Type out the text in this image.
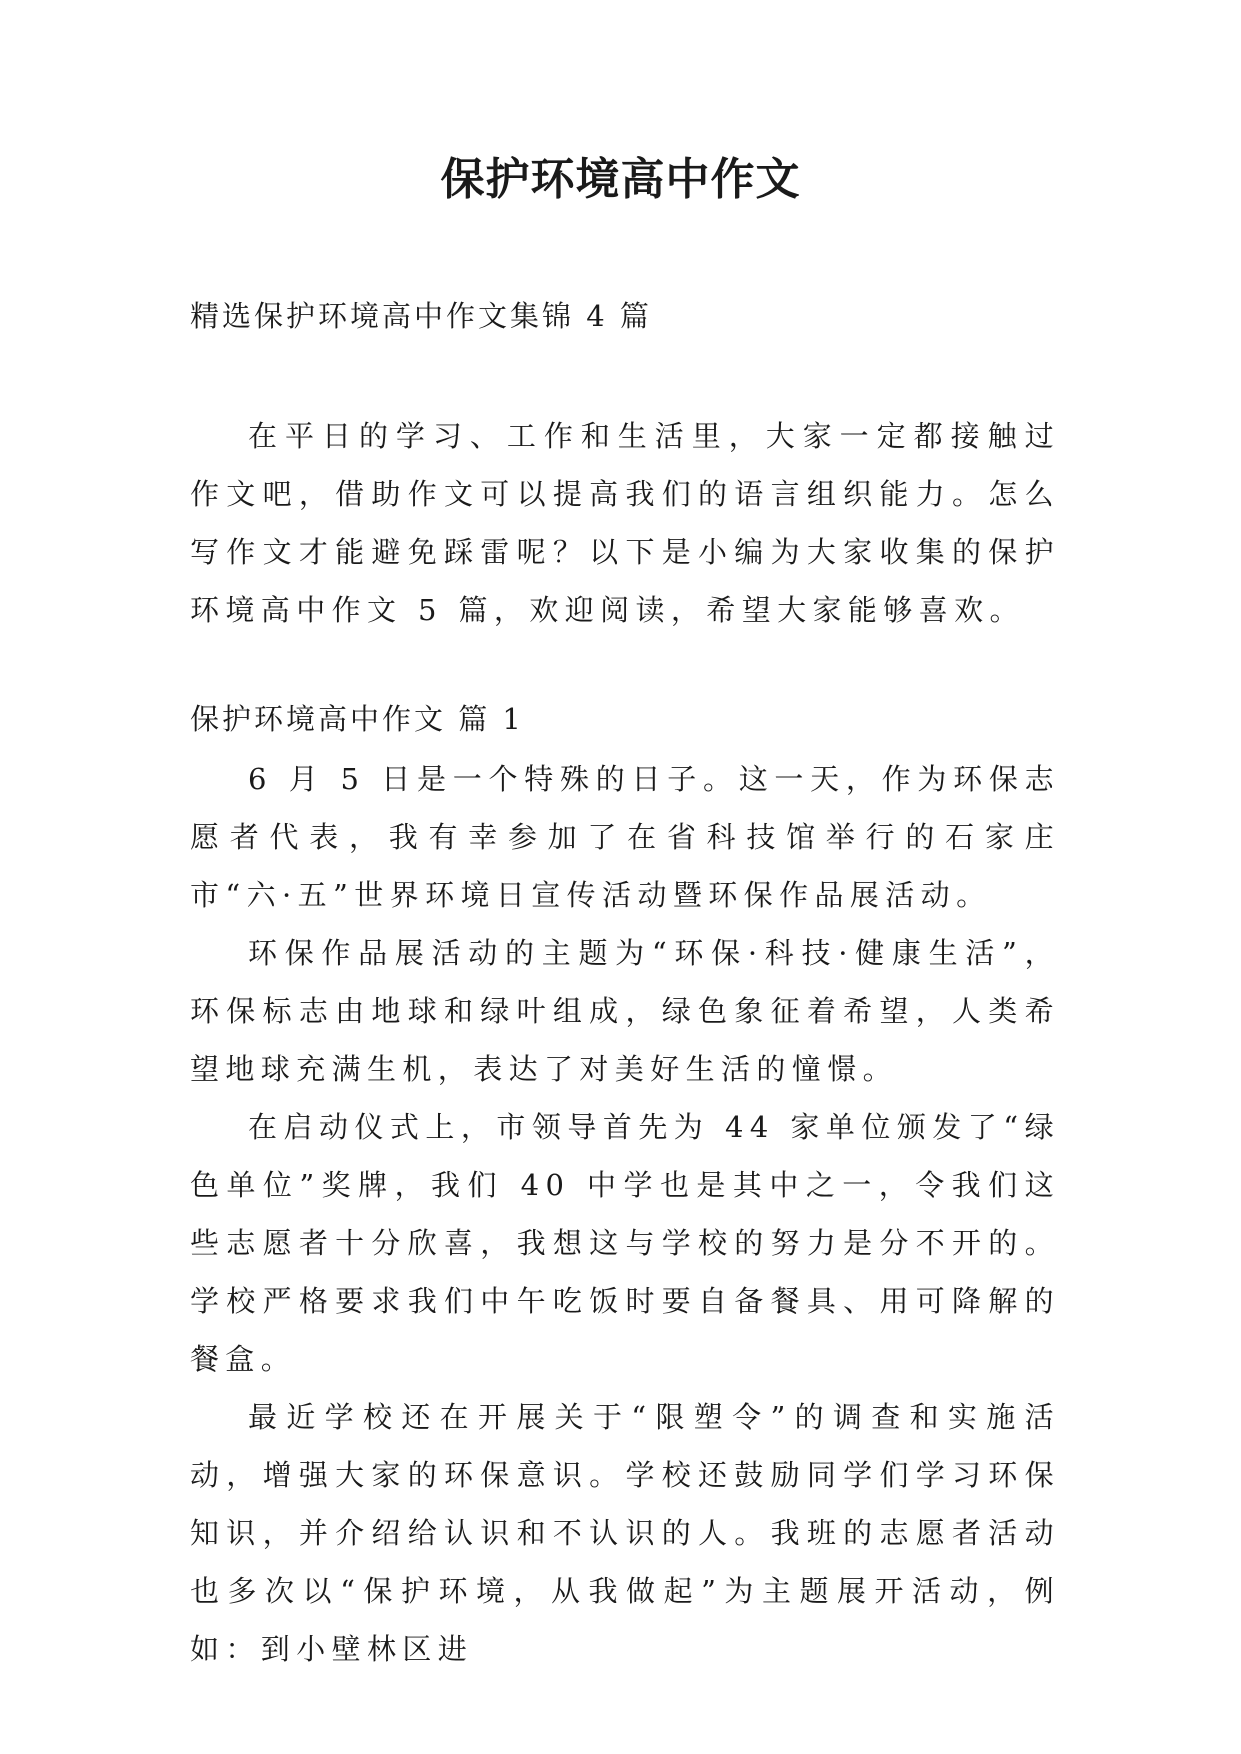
保护环境高中作文
精选保护环境高中作文集锦 4 篇

在平日的学习、工作和生活里，大家一定都接触过作文吧，借助作文可以提高我们的语言组织能力。怎么写作文才能避免踩雷呢？以下是小编为大家收集的保护环境高中作文 5 篇，欢迎阅读，希望大家能够喜欢。

保护环境高中作文 篇 1

6 月 5 日是一个特殊的日子。这一天，作为环保志愿者代表，我有幸参加了在省科技馆举行的石家庄市“六·五”世界环境日宣传活动暨环保作品展活动。

环保作品展活动的主题为“环保·科技·健康生活”，环保标志由地球和绿叶组成，绿色象征着希望，人类希望地球充满生机，表达了对美好生活的憧憬。

在启动仪式上，市领导首先为 44 家单位颁发了“绿色单位”奖牌，我们 40 中学也是其中之一，令我们这些志愿者十分欣喜，我想这与学校的努力是分不开的。学校严格要求我们中午吃饭时要自备餐具、用可降解的餐盒。

最近学校还在开展关于“限塑令”的调查和实施活动，增强大家的环保意识。学校还鼓励同学们学习环保知识，并介绍给认识和不认识的人。我班的志愿者活动也多次以“保护环境，从我做起”为主题展开活动，例如：到小壁林区进
